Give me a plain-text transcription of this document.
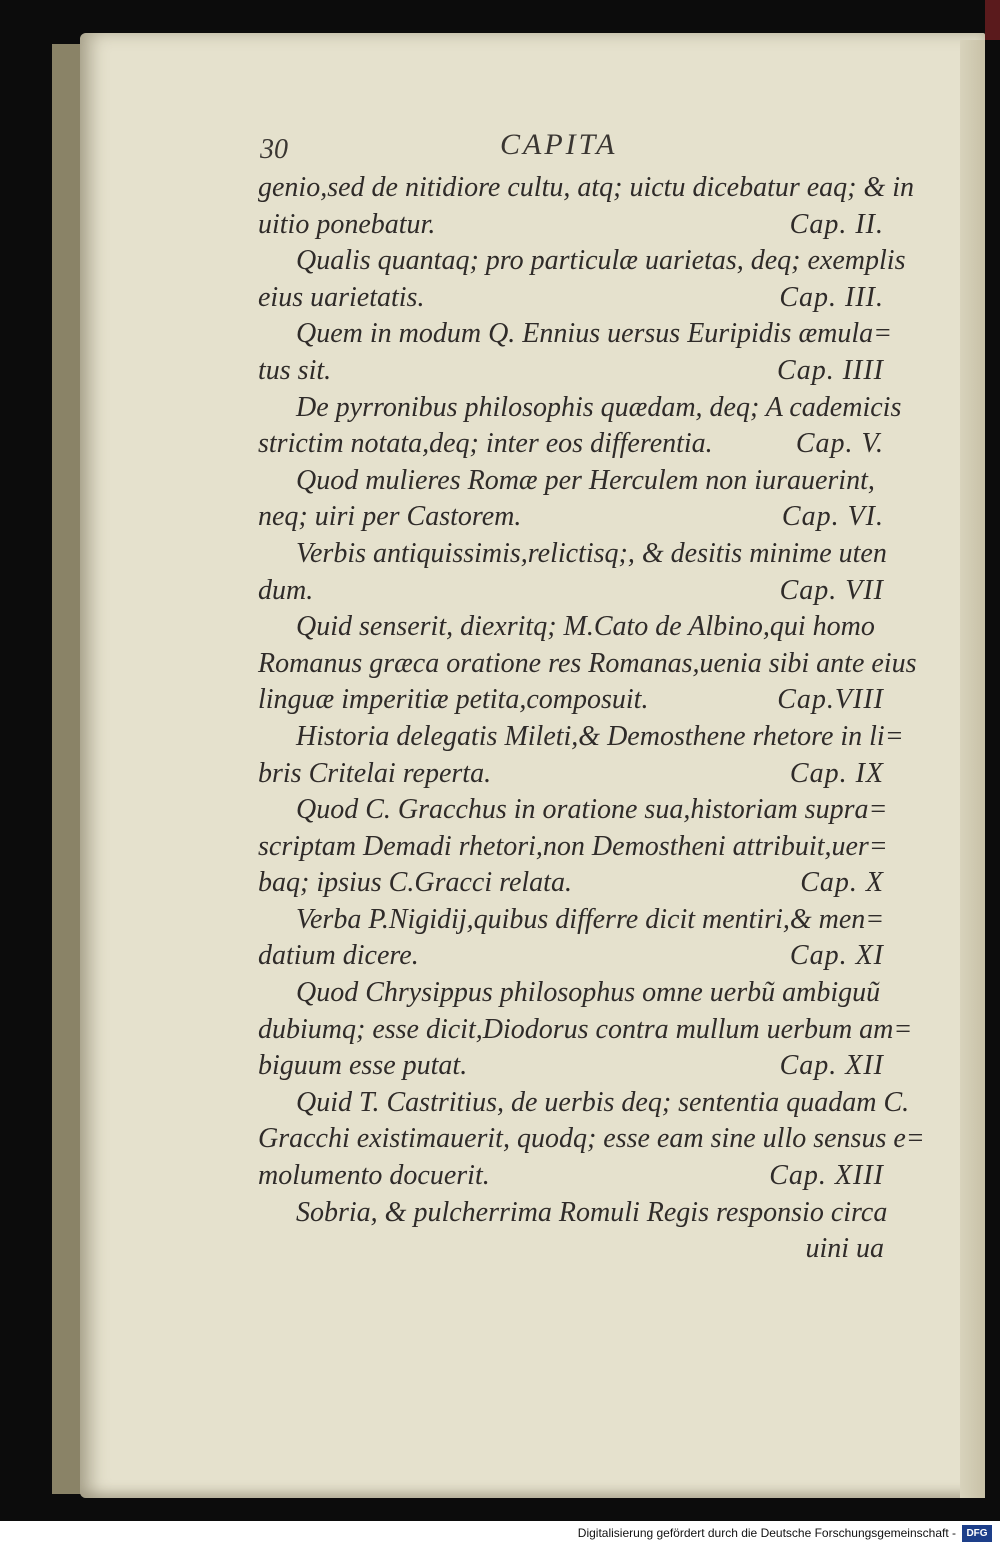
30	CAPITA
genio,sed de nitidiore cultu, atq; uictu dicebatur eaq; & in
uitio ponebatur.	Cap. II.
Qualis quantaq; pro particulæ uarietas, deq; exemplis
eius uarietatis.	Cap. III.
Quem in modum Q. Ennius uersus Euripidis æmula=
tus sit.	Cap. IIII
De pyrronibus philosophis quædam, deq; A cademicis
strictim notata,deq; inter eos differentia.	Cap. V.
Quod mulieres Romæ per Herculem non iurauerint,
neq; uiri per Castorem.	Cap. VI.
Verbis antiquissimis,relictisq;, & desitis minime uten
dum.	Cap. VII
Quid senserit, diexritq; M.Cato de Albino,qui homo
Romanus græca oratione res Romanas,uenia sibi ante eius
linguæ imperitiæ petita,composuit.	Cap.VIII
Historia delegatis Mileti,& Demosthene rhetore in li=
bris Critelai reperta.	Cap. IX
Quod C. Gracchus in oratione sua,historiam supra=
scriptam Demadi rhetori,non Demostheni attribuit,uer=
baq; ipsius C.Gracci relata.	Cap. X
Verba P.Nigidij,quibus differre dicit mentiri,& men=
datium dicere.	Cap. XI
Quod Chrysippus philosophus omne uerbũ ambiguũ
dubiumq; esse dicit,Diodorus contra mullum uerbum am=
biguum esse putat.	Cap. XII
Quid T. Castritius, de uerbis deq; sententia quadam C.
Gracchi existimauerit, quodq; esse eam sine ullo sensus e=
molumento docuerit.	Cap. XIII
Sobria, & pulcherrima Romuli Regis responsio circa
uini ua
Digitalisierung gefördert durch die Deutsche Forschungsgemeinschaft -	DFG
